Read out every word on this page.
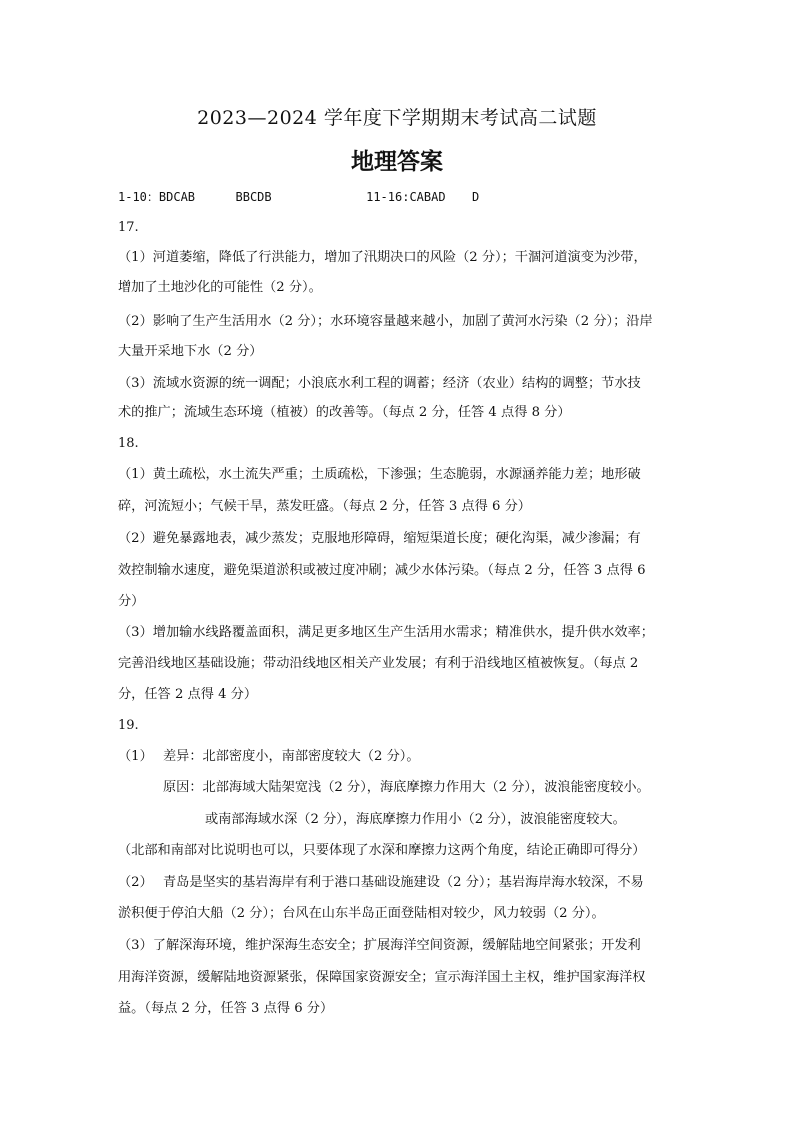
2023—2024 学年度下学期期末考试高二试题
地理答案
1-10：BDCAB	BBCDB	11-16:CABAD D
17.
（1）河道萎缩，降低了行洪能力，增加了汛期决口的风险（2 分）；干涸河道演变为沙带，
增加了土地沙化的可能性（2 分）。
（2）影响了生产生活用水（2 分）；水环境容量越来越小，加剧了黄河水污染（2 分）；沿岸
大量开采地下水（2 分）
（3）流域水资源的统一调配；小浪底水利工程的调蓄；经济（农业）结构的调整；节水技
术的推广；流域生态环境（植被）的改善等。（每点 2 分，任答 4 点得 8 分）
18.
（1）黄土疏松，水土流失严重；土质疏松，下渗强；生态脆弱，水源涵养能力差；地形破
碎，河流短小；气候干旱，蒸发旺盛。（每点 2 分，任答 3 点得 6 分）
（2）避免暴露地表，减少蒸发；克服地形障碍，缩短渠道长度；硬化沟渠，减少渗漏；有
效控制输水速度，避免渠道淤积或被过度冲刷；减少水体污染。（每点 2 分，任答 3 点得 6
分）
（3）增加输水线路覆盖面积，满足更多地区生产生活用水需求；精准供水，提升供水效率；
完善沿线地区基础设施；带动沿线地区相关产业发展；有利于沿线地区植被恢复。（每点 2
分，任答 2 点得 4 分）
19.
（1） 差异：北部密度小，南部密度较大（2 分）。
原因：北部海域大陆架宽浅（2 分），海底摩擦力作用大（2 分），波浪能密度较小。
或南部海域水深（2 分），海底摩擦力作用小（2 分），波浪能密度较大。
（北部和南部对比说明也可以，只要体现了水深和摩擦力这两个角度，结论正确即可得分）
（2） 青岛是坚实的基岩海岸有利于港口基础设施建设（2 分）；基岩海岸海水较深，不易
淤积便于停泊大船（2 分）；台风在山东半岛正面登陆相对较少，风力较弱（2 分）。
（3）了解深海环境，维护深海生态安全；扩展海洋空间资源，缓解陆地空间紧张；开发利
用海洋资源，缓解陆地资源紧张，保障国家资源安全；宣示海洋国土主权，维护国家海洋权
益。（每点 2 分，任答 3 点得 6 分）
